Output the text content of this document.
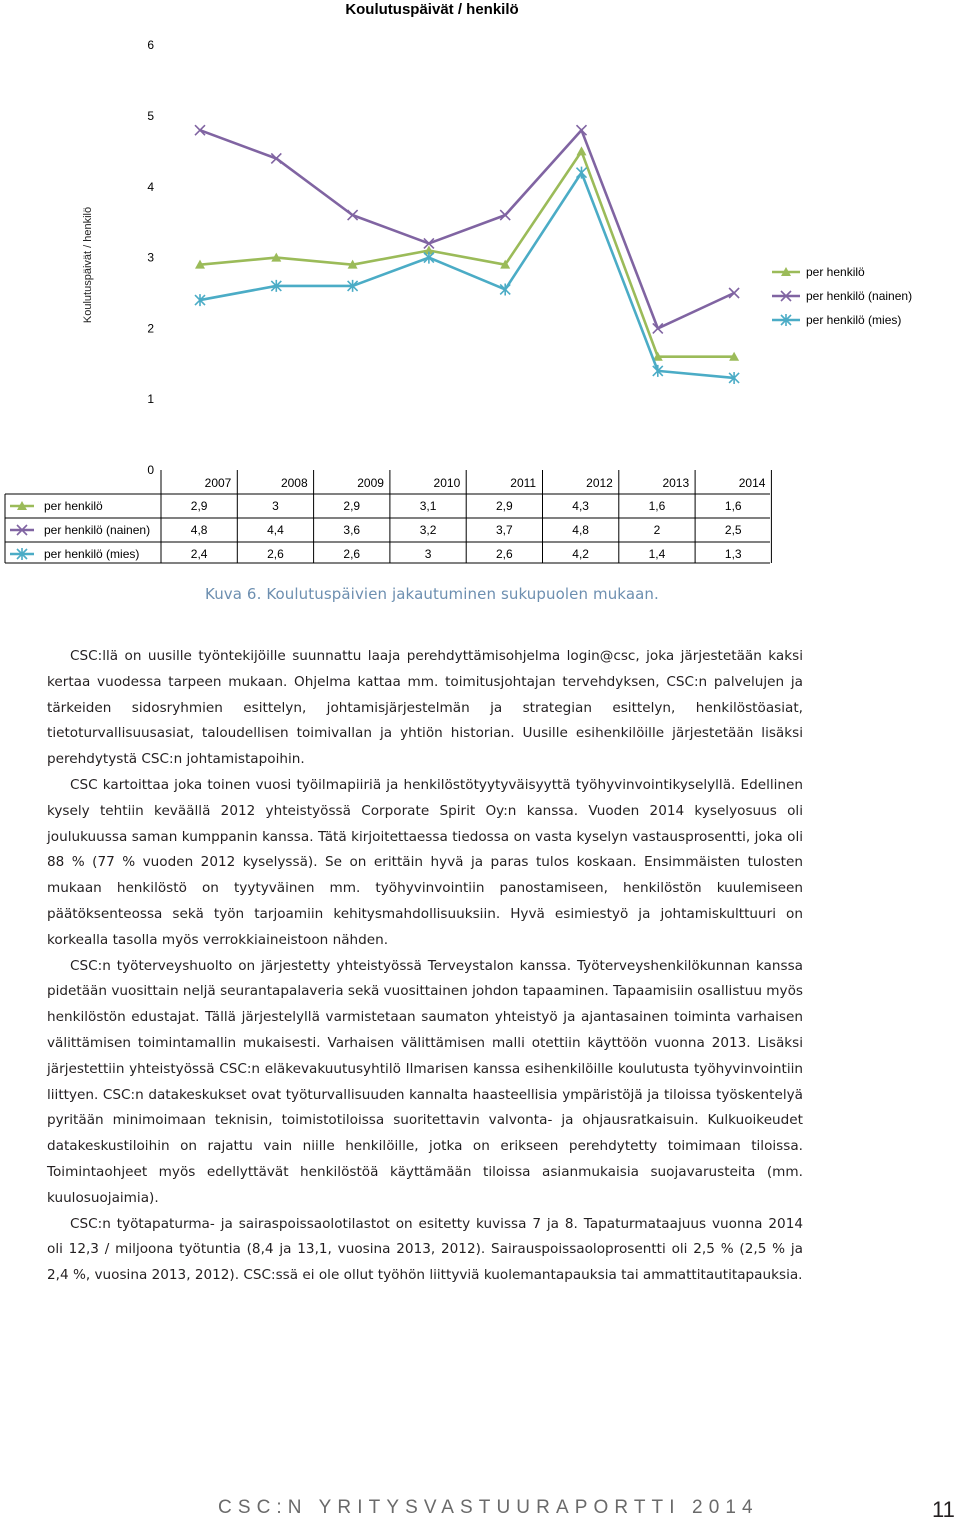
Koulutuspäivät / henkilö
Koulutuspäivät / henkilö
0
1
2
3
4
5
6
per henkilö
per henkilö (nainen)
per henkilö (mies)
2007	2008	2009	2010	2011	2012	2013	2014
per henkilö	2,9	3	2,9	3,1	2,9	4,3	1,6	1,6
per henkilö (nainen)	4,8	4,4	3,6	3,2	3,7	4,8	2	2,5
per henkilö (mies)	2,4	2,6	2,6	3	2,6	4,2	1,4	1,3
Kuva 6. Koulutuspäivien jakautuminen sukupuolen mukaan.

CSC:llä on uusille työntekijöille suunnattu laaja perehdyttämisohjelma login@csc, joka järjestetään kaksi kertaa vuodessa tarpeen mukaan. Ohjelma kattaa mm. toimitusjohtajan tervehdyksen, CSC:n palvelujen ja tärkeiden sidosryhmien esittelyn, johtamisjärjestelmän ja strategian esittelyn, henkilöstöasiat, tietoturvallisuusasiat, taloudellisen toimivallan ja yhtiön historian. Uusille esihenkilöille järjestetään lisäksi perehdytystä CSC:n johtamistapoihin.

CSC kartoittaa joka toinen vuosi työilmapiiriä ja henkilöstötyytyväisyyttä työhyvinvointikyselyllä. Edellinen kysely tehtiin keväällä 2012 yhteistyössä Corporate Spirit Oy:n kanssa. Vuoden 2014 kyselyosuus oli joulukuussa saman kumppanin kanssa. Tätä kirjoitettaessa tiedossa on vasta kyselyn vastausprosentti, joka oli 88 % (77 % vuoden 2012 kyselyssä). Se on erittäin hyvä ja paras tulos koskaan. Ensimmäisten tulosten mukaan henkilöstö on tyytyväinen mm. työhyvinvointiin panostamiseen, henkilöstön kuulemiseen päätöksenteossa sekä työn tarjoamiin kehitysmahdollisuuksiin. Hyvä esimiestyö ja johtamiskulttuuri on korkealla tasolla myös verrokkiaineistoon nähden.

CSC:n työterveyshuolto on järjestetty yhteistyössä Terveystalon kanssa. Työterveyshenkilökunnan kanssa pidetään vuosittain neljä seurantapalaveria sekä vuosittainen johdon tapaaminen. Tapaamisiin osallistuu myös henkilöstön edustajat. Tällä järjestelyllä varmistetaan saumaton yhteistyö ja ajantasainen toiminta varhaisen välittämisen toimintamallin mukaisesti. Varhaisen välittämisen malli otettiin käyttöön vuonna 2013. Lisäksi järjestettiin yhteistyössä CSC:n eläkevakuutusyhtilö Ilmarisen kanssa esihenkilöille koulutusta työhyvinvointiin liittyen. CSC:n datakeskukset ovat työturvallisuuden kannalta haasteellisia ympäristöjä ja tiloissa työskentelyä pyritään minimoimaan teknisin, toimistotiloissa suoritettavin valvonta- ja ohjausratkaisuin. Kulkuoikeudet datakeskustiloihin on rajattu vain niille henkilöille, jotka on erikseen perehdytetty toimimaan tiloissa. Toimintaohjeet myös edellyttävät henkilöstöä käyttämään tiloissa asianmukaisia suojavarusteita (mm. kuulosuojaimia).

CSC:n työtapaturma- ja sairaspoissaolotilastot on esitetty kuvissa 7 ja 8. Tapaturmataajuus vuonna 2014 oli 12,3 / miljoona työtuntia (8,4 ja 13,1, vuosina 2013, 2012). Sairauspoissaoloprosentti oli 2,5 % (2,5 % ja 2,4 %, vuosina 2013, 2012). CSC:ssä ei ole ollut työhön liittyviä kuolemantapauksia tai ammattitautitapauksia.

CSC:N YRITYSVASTUURAPORTTI 2014	11
